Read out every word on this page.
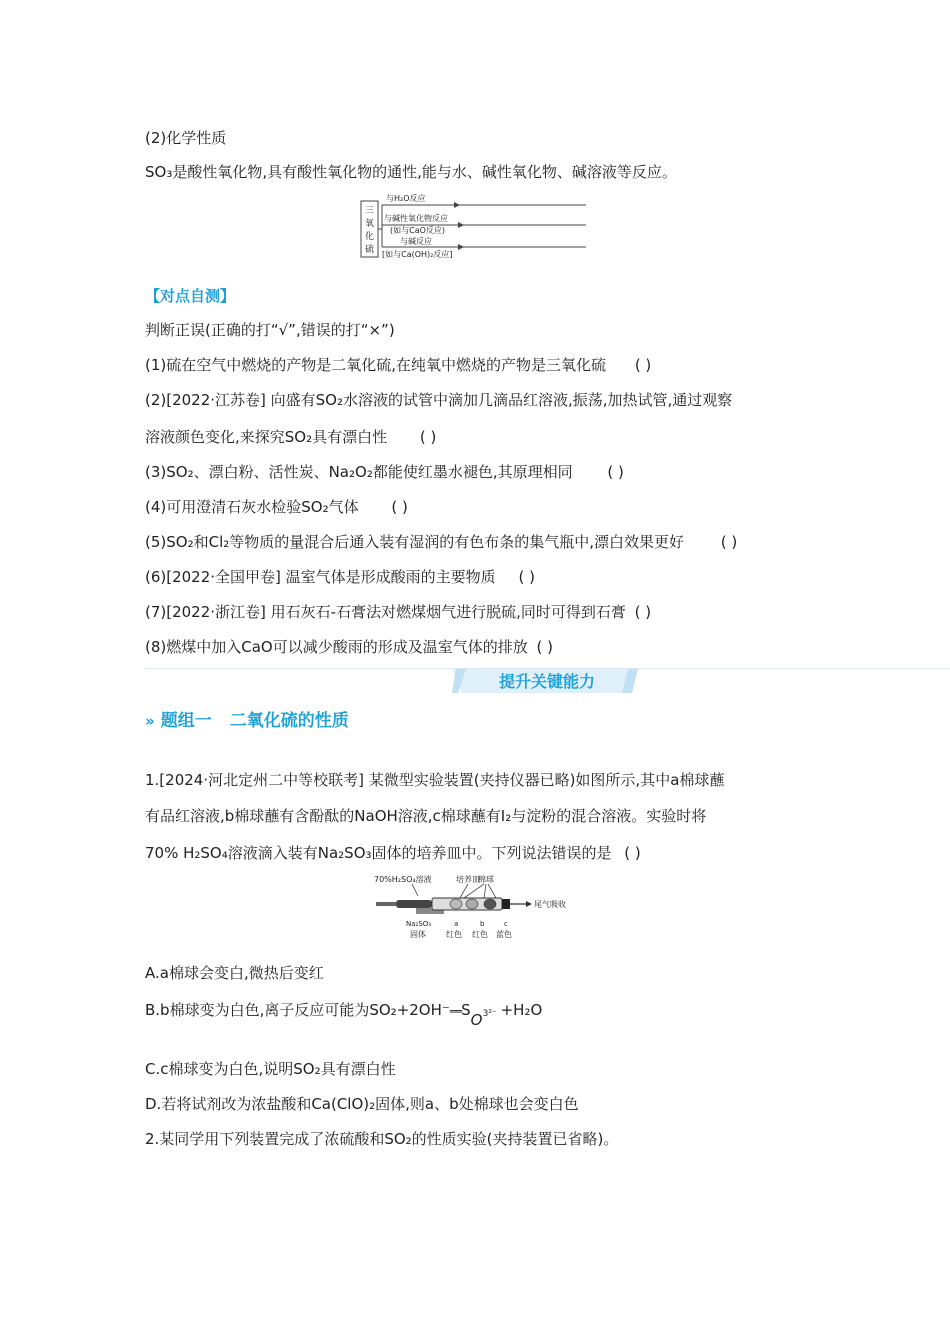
(2)化学性质
SO₃是酸性氧化物,具有酸性氧化物的通性,能与水、碱性氧化物、碱溶液等反应。
三
氧
化
硫
与H₂O反应
与碱性氧化物反应
(如与CaO反应)
与碱反应
[如与Ca(OH)₂反应]
【对点自测】
判断正误(正确的打“√”,错误的打“×”)
(1)硫在空气中燃烧的产物是二氧化硫,在纯氧中燃烧的产物是三氧化硫 ( )
(2)[2022·江苏卷] 向盛有SO₂水溶液的试管中滴加几滴品红溶液,振荡,加热试管,通过观察
溶液颜色变化,来探究SO₂具有漂白性 ( )
(3)SO₂、漂白粉、活性炭、Na₂O₂都能使红墨水褪色,其原理相同 ( )
(4)可用澄清石灰水检验SO₂气体 ( )
(5)SO₂和Cl₂等物质的量混合后通入装有湿润的有色布条的集气瓶中,漂白效果更好 ( )
(6)[2022·全国甲卷] 温室气体是形成酸雨的主要物质 ( )
(7)[2022·浙江卷] 用石灰石-石膏法对燃煤烟气进行脱硫,同时可得到石膏 ( )
(8)燃煤中加入CaO可以减少酸雨的形成及温室气体的排放 ( )
提升关键能力
» 题组一 二氧化硫的性质
1.[2024·河北定州二中等校联考] 某微型实验装置(夹持仪器已略)如图所示,其中a棉球蘸
有品红溶液,b棉球蘸有含酚酞的NaOH溶液,c棉球蘸有I₂与淀粉的混合溶液。实验时将
70% H₂SO₄溶液滴入装有Na₂SO₃固体的培养皿中。下列说法错误的是 ( )
70%H₂SO₄溶液	培养皿
棉球
尾气吸收
Na₂SO₃
固体
a	b	c
红色 红色 蓝色
A.a棉球会变白,微热后变红
B.b棉球变为白色,离子反应可能为SO₂+2OH⁻══S
O 3²⁻ +H₂O
C.c棉球变为白色,说明SO₂具有漂白性
D.若将试剂改为浓盐酸和Ca(ClO)₂固体,则a、b处棉球也会变白色
2.某同学用下列装置完成了浓硫酸和SO₂的性质实验(夹持装置已省略)。
